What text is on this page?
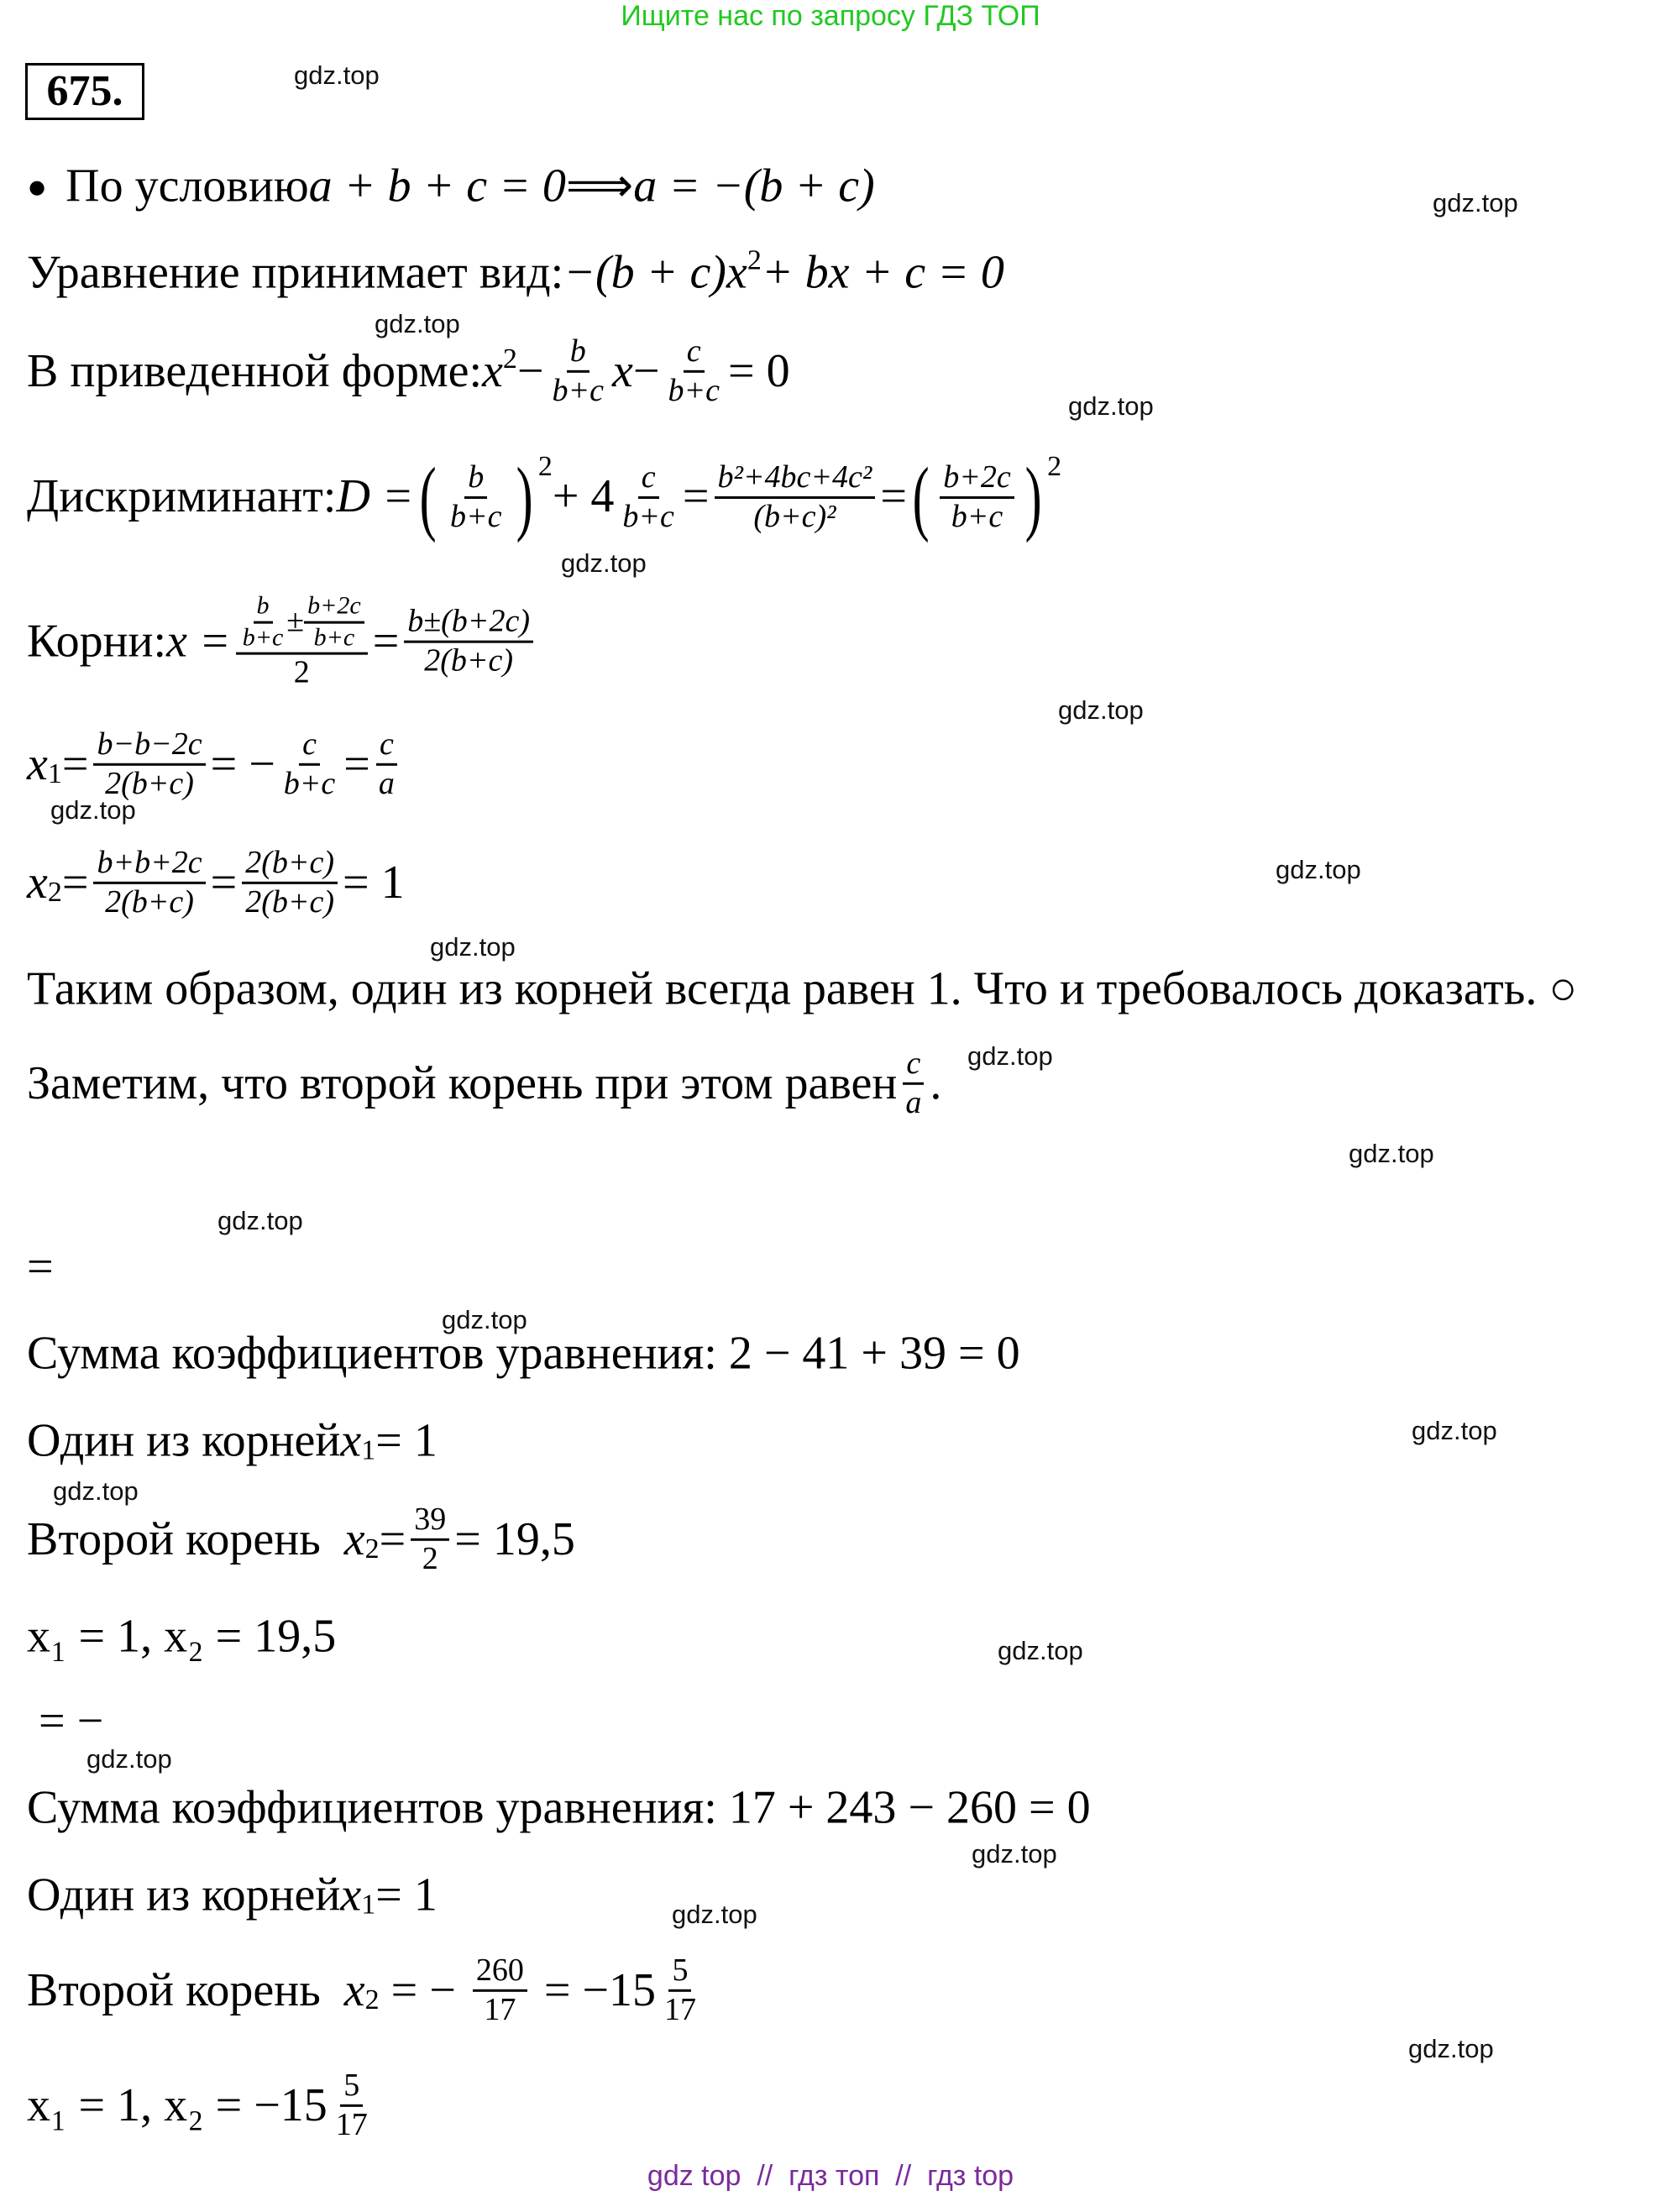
Ищите нас по запросу ГДЗ ТОП
675.
● По условию a + b + c = 0 ⟹ a = −(b + c)
Уравнение принимает вид: $-(b + c)x^2$ + bx + c = 0
В приведенной форме: $x^2 - \frac{b}{b+c}$ $x - \frac{c}{b+c} = 0$
Дискриминант: D = ( $\frac{b}{b+c} )^2$
+ $4 \frac{c}{b+c} = \frac{\text{b²+4bc+4c²}}{\text{(b+c)²}}$ = ( $\frac{b+2c}{b+c} )^2$
Корни: $x = \frac{\frac{b}{b+c} \pm \frac{b+2c}{b+c}}{2} = \frac{b\pm(b+2c)}{2(b+c)}$
$x_1 = \frac{b-b-2c}{2(b+c)}$ = − $\frac{c}{b+c} = \frac{c}{a}$
$x_2 = \frac{b+b+2c}{2(b+c)} = \frac{2(b+c)}{2(b+c)} = 1$
Таким образом, один из корней всегда равен 1. Что и требовалось доказать. ○
Заметим, что второй корень при этом равен $\frac{c}{a}$ .
=
Сумма коэффициентов уравнения: 2 − 41 + 39 = 0
Один из корней $x_1 = 1$
Второй корень $x_2 = \frac{39}{2} = 19,5$
x₁ = 1, x₂ = 19,5
= −
Сумма коэффициентов уравнения: 17 + 243 − 260 = 0
Один из корней $x_1 = 1$
Второй корень $x_2$ = − $\frac{260}{17} = -15 \frac{5}{17}$
x₁ = 1, $x_2 = -15 \frac{5}{17}$
gdz.top
gdz.top
gdz.top
gdz.top
gdz.top
gdz.top
gdz.top
gdz.top
gdz.top
gdz.top
gdz.top
gdz.top
gdz.top
gdz.top
gdz.top
gdz.top
gdz.top
gdz.top
gdz.top
gdz.top
gdz top  //  гдз топ  //  гдз top
